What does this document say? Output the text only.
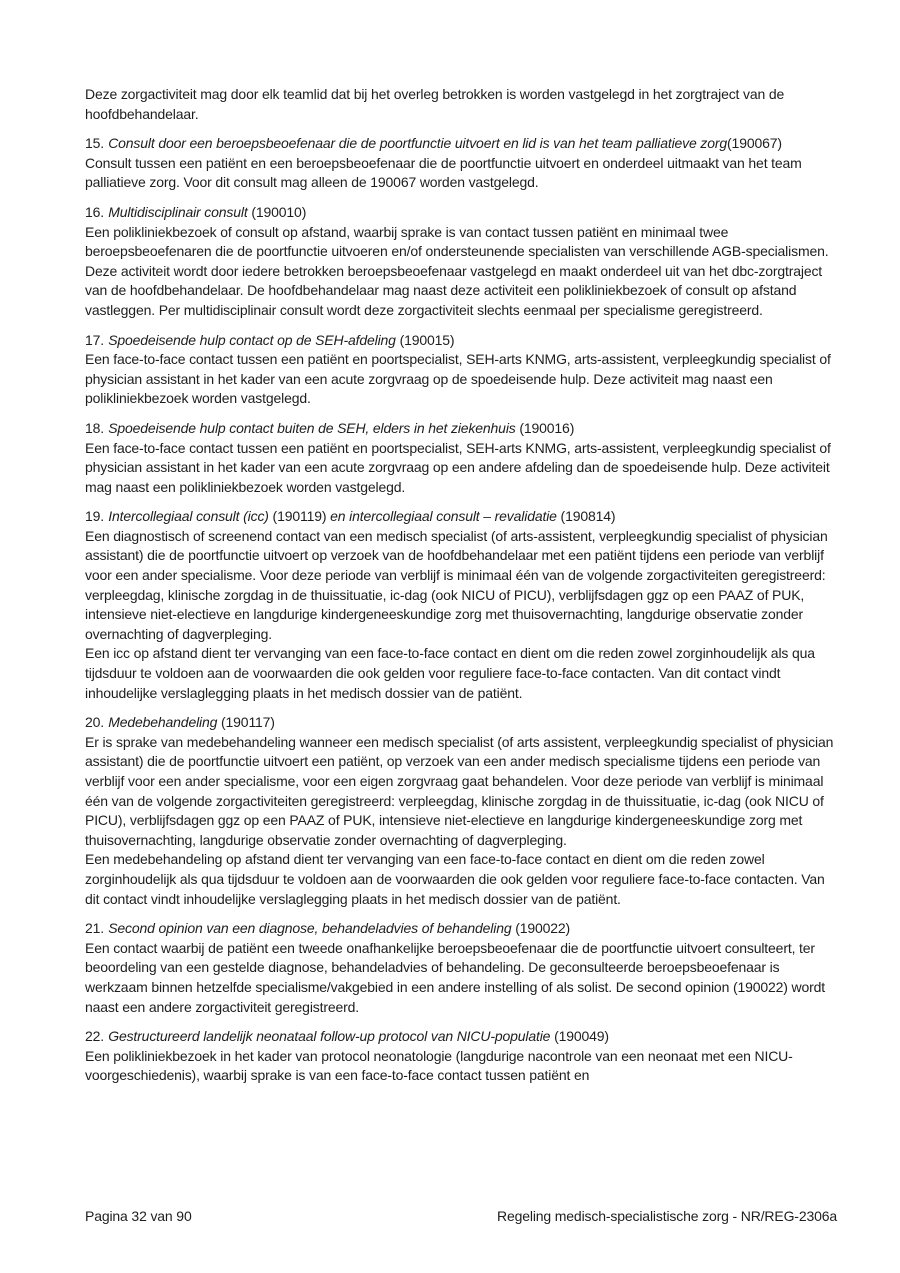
Deze zorgactiviteit mag door elk teamlid dat bij het overleg betrokken is worden vastgelegd in het zorgtraject van de hoofdbehandelaar.

15. Consult door een beroepsbeoefenaar die de poortfunctie uitvoert en lid is van het team palliatieve zorg(190067)

Consult tussen een patiënt en een beroepsbeoefenaar die de poortfunctie uitvoert en onderdeel uitmaakt van het team palliatieve zorg. Voor dit consult mag alleen de 190067 worden vastgelegd.

16. Multidisciplinair consult (190010)

Een polikliniekbezoek of consult op afstand, waarbij sprake is van contact tussen patiënt en minimaal twee beroepsbeoefenaren die de poortfunctie uitvoeren en/of ondersteunende specialisten van verschillende AGB-specialismen. Deze activiteit wordt door iedere betrokken beroepsbeoefenaar vastgelegd en maakt onderdeel uit van het dbc-zorgtraject van de hoofdbehandelaar. De hoofdbehandelaar mag naast deze activiteit een polikliniekbezoek of consult op afstand vastleggen. Per multidisciplinair consult wordt deze zorgactiviteit slechts eenmaal per specialisme geregistreerd.

17. Spoedeisende hulp contact op de SEH-afdeling (190015)

Een face-to-face contact tussen een patiënt en poortspecialist, SEH-arts KNMG, arts-assistent, verpleegkundig specialist of physician assistant in het kader van een acute zorgvraag op de spoedeisende hulp. Deze activiteit mag naast een polikliniekbezoek worden vastgelegd.

18. Spoedeisende hulp contact buiten de SEH, elders in het ziekenhuis (190016)

Een face-to-face contact tussen een patiënt en poortspecialist, SEH-arts KNMG, arts-assistent, verpleegkundig specialist of physician assistant in het kader van een acute zorgvraag op een andere afdeling dan de spoedeisende hulp. Deze activiteit mag naast een polikliniekbezoek worden vastgelegd.

19. Intercollegiaal consult (icc) (190119) en intercollegiaal consult – revalidatie (190814)

Een diagnostisch of screenend contact van een medisch specialist (of arts-assistent, verpleegkundig specialist of physician assistant) die de poortfunctie uitvoert op verzoek van de hoofdbehandelaar met een patiënt tijdens een periode van verblijf voor een ander specialisme. Voor deze periode van verblijf is minimaal één van de volgende zorgactiviteiten geregistreerd: verpleegdag, klinische zorgdag in de thuissituatie, ic-dag (ook NICU of PICU), verblijfsdagen ggz op een PAAZ of PUK, intensieve niet-electieve en langdurige kindergeneeskundige zorg met thuisovernachting, langdurige observatie zonder overnachting of dagverpleging.

Een icc op afstand dient ter vervanging van een face-to-face contact en dient om die reden zowel zorginhoudelijk als qua tijdsduur te voldoen aan de voorwaarden die ook gelden voor reguliere face-to-face contacten. Van dit contact vindt inhoudelijke verslaglegging plaats in het medisch dossier van de patiënt.

20. Medebehandeling (190117)

Er is sprake van medebehandeling wanneer een medisch specialist (of arts assistent, verpleegkundig specialist of physician assistant) die de poortfunctie uitvoert een patiënt, op verzoek van een ander medisch specialisme tijdens een periode van verblijf voor een ander specialisme, voor een eigen zorgvraag gaat behandelen. Voor deze periode van verblijf is minimaal één van de volgende zorgactiviteiten geregistreerd: verpleegdag, klinische zorgdag in de thuissituatie, ic-dag (ook NICU of PICU), verblijfsdagen ggz op een PAAZ of PUK, intensieve niet-electieve en langdurige kindergeneeskundige zorg met thuisovernachting, langdurige observatie zonder overnachting of dagverpleging.

Een medebehandeling op afstand dient ter vervanging van een face-to-face contact en dient om die reden zowel zorginhoudelijk als qua tijdsduur te voldoen aan de voorwaarden die ook gelden voor reguliere face-to-face contacten. Van dit contact vindt inhoudelijke verslaglegging plaats in het medisch dossier van de patiënt.

21. Second opinion van een diagnose, behandeladvies of behandeling (190022)

Een contact waarbij de patiënt een tweede onafhankelijke beroepsbeoefenaar die de poortfunctie uitvoert consulteert, ter beoordeling van een gestelde diagnose, behandeladvies of behandeling. De geconsulteerde beroepsbeoefenaar is werkzaam binnen hetzelfde specialisme/vakgebied in een andere instelling of als solist. De second opinion (190022) wordt naast een andere zorgactiviteit geregistreerd.

22. Gestructureerd landelijk neonataal follow-up protocol van NICU-populatie (190049)

Een polikliniekbezoek in het kader van protocol neonatologie (langdurige nacontrole van een neonaat met een NICU-voorgeschiedenis), waarbij sprake is van een face-to-face contact tussen patiënt en

Pagina 32 van 90	Regeling medisch-specialistische zorg - NR/REG-2306a
